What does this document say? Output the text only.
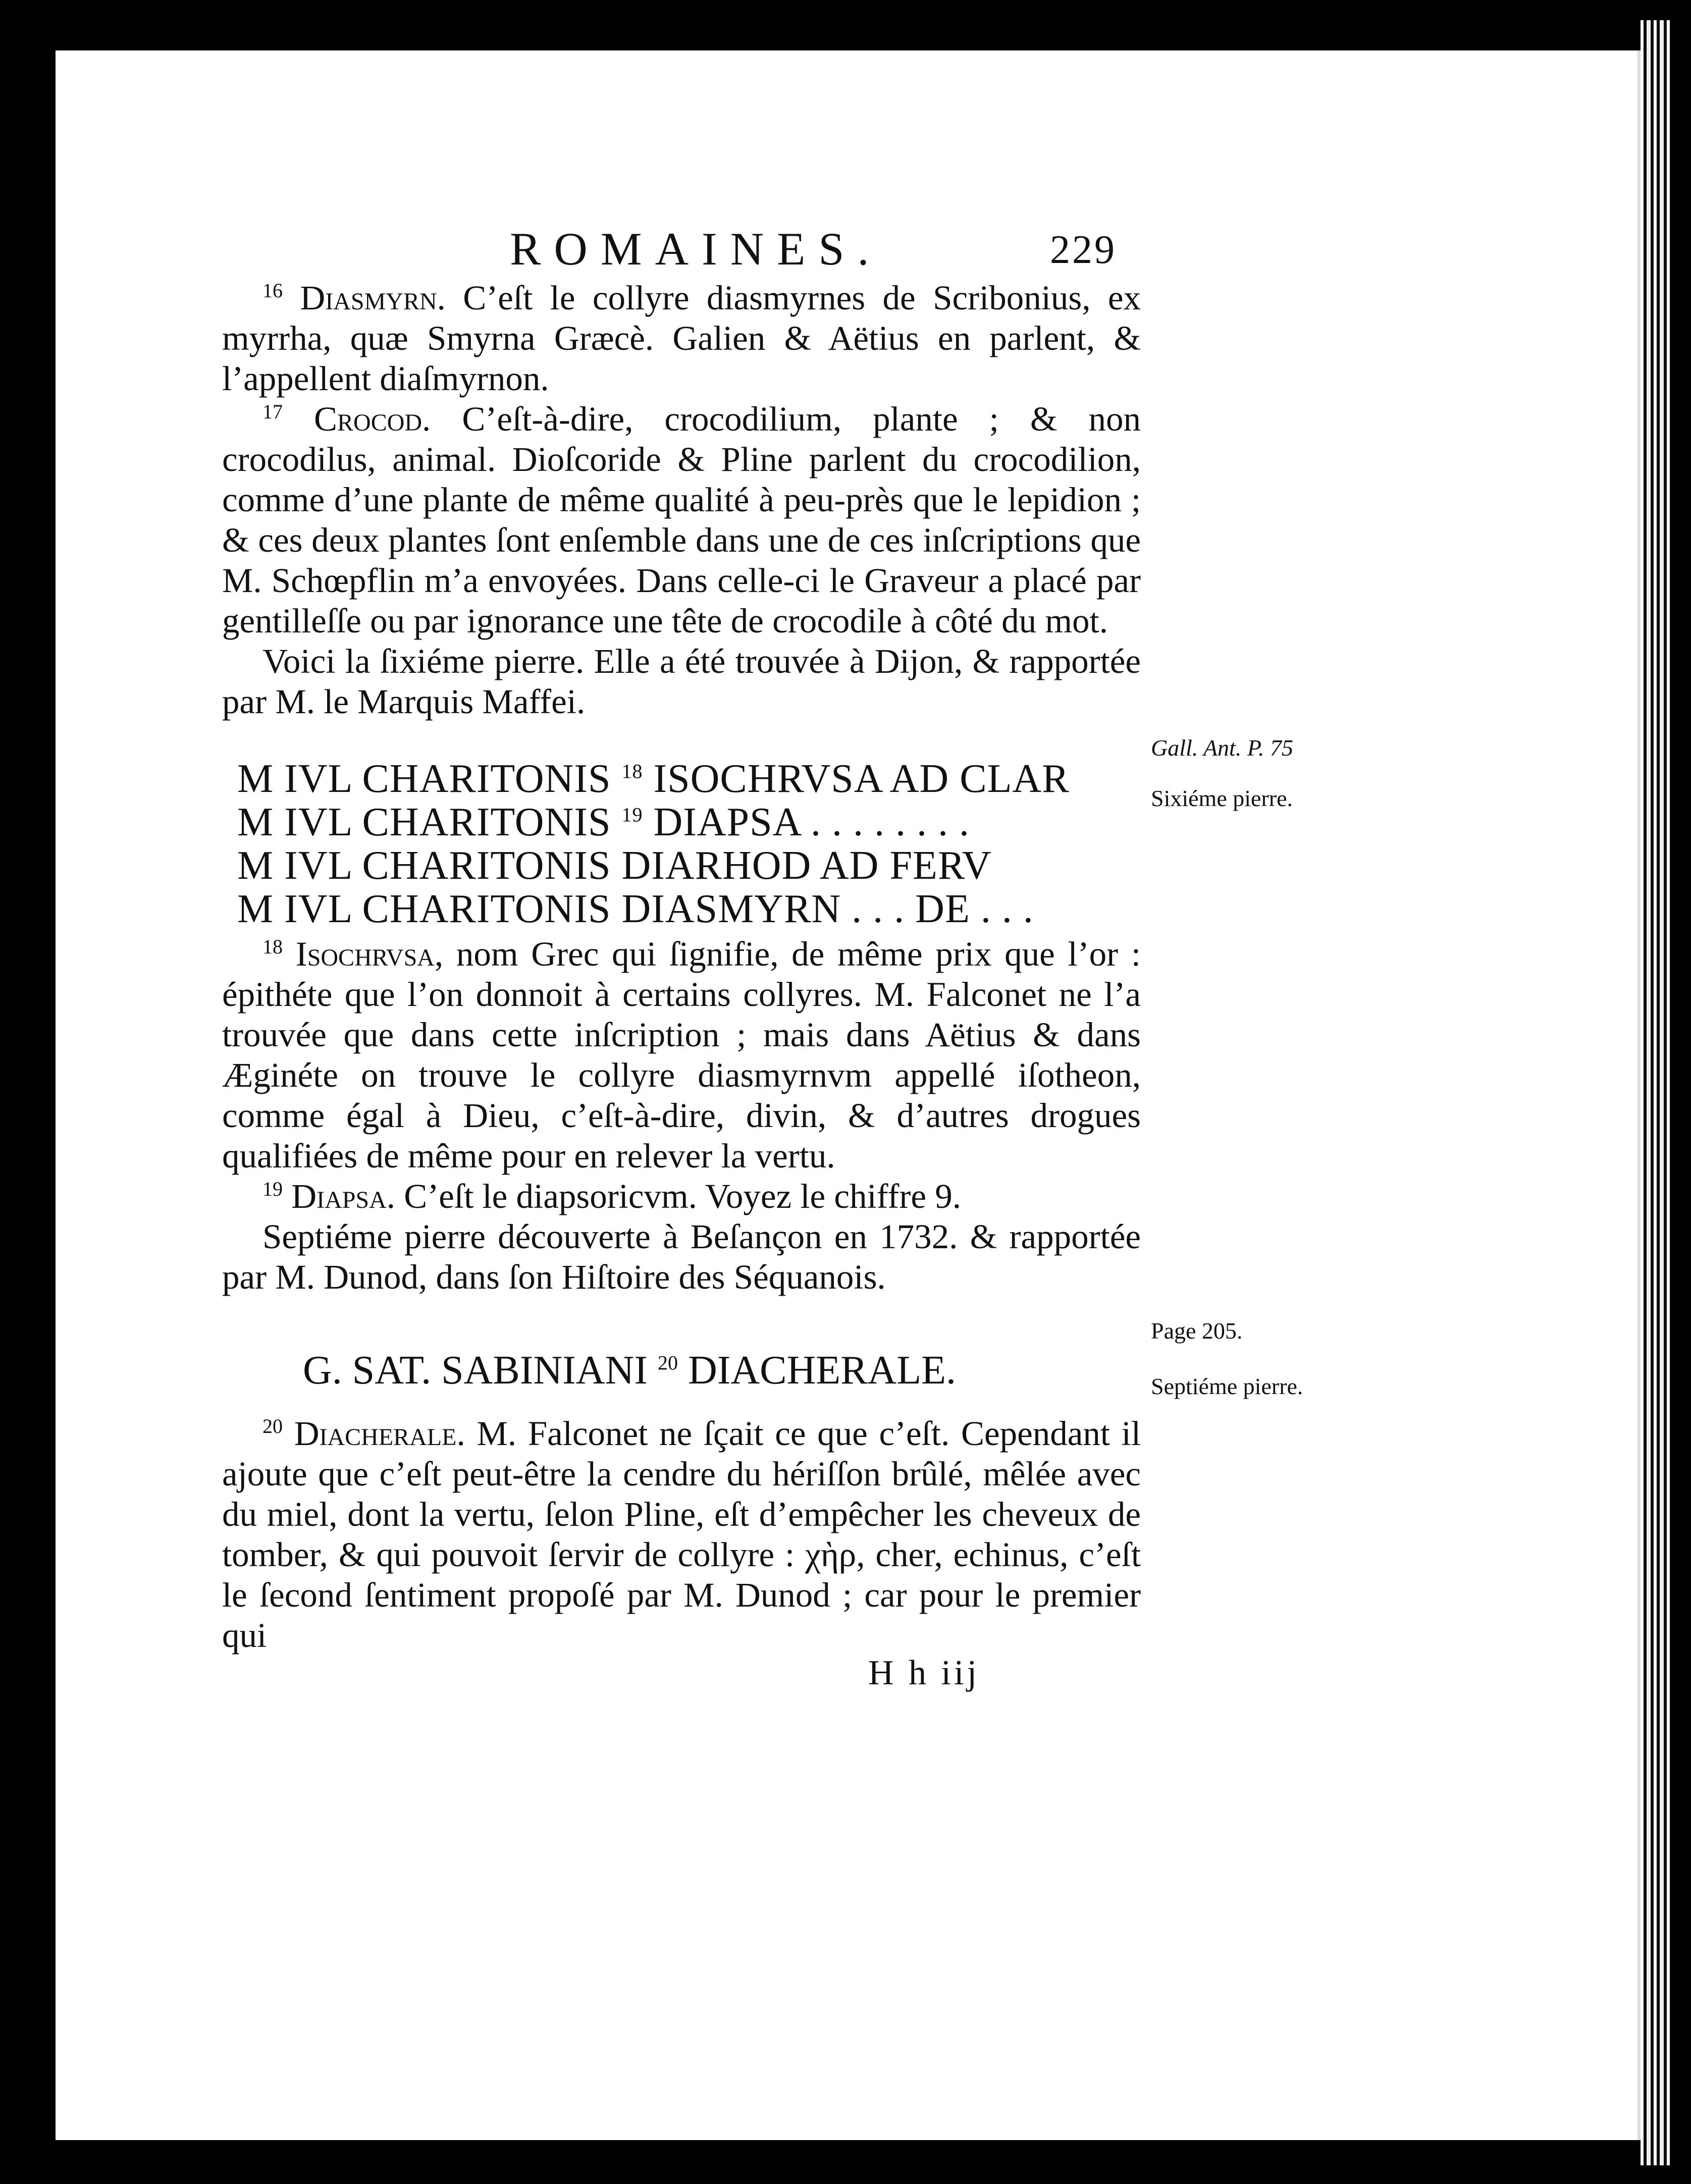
ROMAINES.	229

$^{16}$ Diasmyrn. C’eſt le collyre diasmyrnes de Scribonius, ex myrrha, quæ Smyrna Græcè. Galien & Aëtius en parlent, & l’appellent diaſmyrnon.

$^{17}$ Crocod. C’eſt-à-dire, crocodilium, plante ; & non crocodilus, animal. Dioſcoride & Pline parlent du crocodilion, comme d’une plante de même qualité à peu-près que le lepidion ; & ces deux plantes ſont enſemble dans une de ces inſcriptions que M. Schœpflin m’a envoyées. Dans celle-ci le Graveur a placé par gentilleſſe ou par ignorance une tête de crocodile à côté du mot.

Voici la ſixiéme pierre. Elle a été trouvée à Dijon, & rapportée par M. le Marquis Maffei.

M IVL CHARITONIS $^{18}$ ISOCHRVSA AD CLAR
M IVL CHARITONIS $^{19}$ DIAPSA . . . . . . . .
M IVL CHARITONIS DIARHOD AD FERV
M IVL CHARITONIS DIASMYRN . . . DE . . .

$^{18}$ Isochrvsa, nom Grec qui ſignifie, de même prix que l’or : épithéte que l’on donnoit à certains collyres. M. Falconet ne l’a trouvée que dans cette inſcription ; mais dans Aëtius & dans Æginéte on trouve le collyre diasmyrnvm appellé iſotheon, comme égal à Dieu, c’eſt-à-dire, divin, & d’autres drogues qualifiées de même pour en relever la vertu.

$^{19}$ Diapsa. C’eſt le diapsoricvm. Voyez le chiffre 9.

Septiéme pierre découverte à Beſançon en 1732. & rapportée par M. Dunod, dans ſon Hiſtoire des Séquanois.

G. SAT. SABINIANI $^{20}$ DIACHERALE.

$^{20}$ Diacherale. M. Falconet ne ſçait ce que c’eſt. Cependant il ajoute que c’eſt peut-être la cendre du hériſſon brûlé, mêlée avec du miel, dont la vertu, ſelon Pline, eſt d’empêcher les cheveux de tomber, & qui pouvoit ſervir de collyre : χὴρ, cher, echinus, c’eſt le ſecond ſentiment propoſé par M. Dunod ; car pour le premier qui

H h iij
Gall. Ant. P. 75
Sixiéme pierre.
Page 205.
Septiéme pierre.
